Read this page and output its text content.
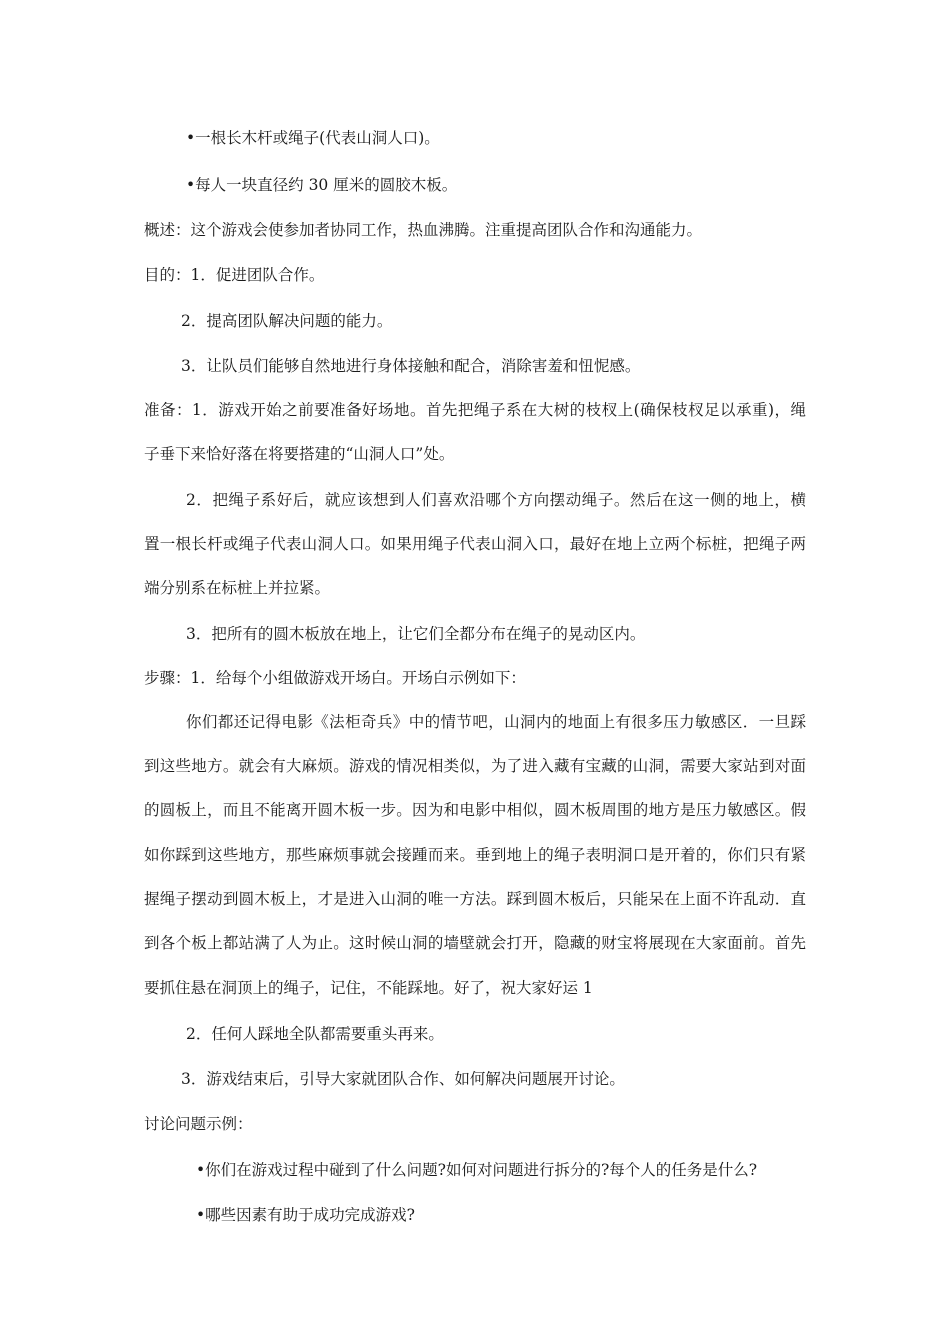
•一根长木杆或绳子(代表山洞人口)。

•每人一块直径约 30 厘米的圆胶木板。

概述：这个游戏会使参加者协同工作，热血沸腾。注重提高团队合作和沟通能力。

目的：1．促进团队合作。

2．提高团队解决问题的能力。

3．让队员们能够自然地进行身体接触和配合，消除害羞和忸怩感。

准备：1．游戏开始之前要准备好场地。首先把绳子系在大树的枝杈上(确保枝杈足以承重)，绳

子垂下来恰好落在将要搭建的“山洞人口”处。

2．把绳子系好后，就应该想到人们喜欢沿哪个方向摆动绳子。然后在这一侧的地上，横

置一根长杆或绳子代表山洞人口。如果用绳子代表山洞入口，最好在地上立两个标桩，把绳子两

端分别系在标桩上并拉紧。

3．把所有的圆木板放在地上，让它们全都分布在绳子的晃动区内。

步骤：1．给每个小组做游戏开场白。开场白示例如下：

你们都还记得电影《法柜奇兵》中的情节吧，山洞内的地面上有很多压力敏感区．一旦踩

到这些地方。就会有大麻烦。游戏的情况相类似，为了进入藏有宝藏的山洞，需要大家站到对面

的圆板上，而且不能离开圆木板一步。因为和电影中相似，圆木板周围的地方是压力敏感区。假

如你踩到这些地方，那些麻烦事就会接踵而来。垂到地上的绳子表明洞口是开着的，你们只有紧

握绳子摆动到圆木板上，才是进入山洞的唯一方法。踩到圆木板后，只能呆在上面不许乱动．直

到各个板上都站满了人为止。这时候山洞的墙壁就会打开，隐藏的财宝将展现在大家面前。首先

要抓住悬在洞顶上的绳子，记住，不能踩地。好了，祝大家好运 1

2．任何人踩地全队都需要重头再来。

3．游戏结束后，引导大家就团队合作、如何解决问题展开讨论。

讨论问题示例：

•你们在游戏过程中碰到了什么问题?如何对问题进行拆分的?每个人的任务是什么?

•哪些因素有助于成功完成游戏?
